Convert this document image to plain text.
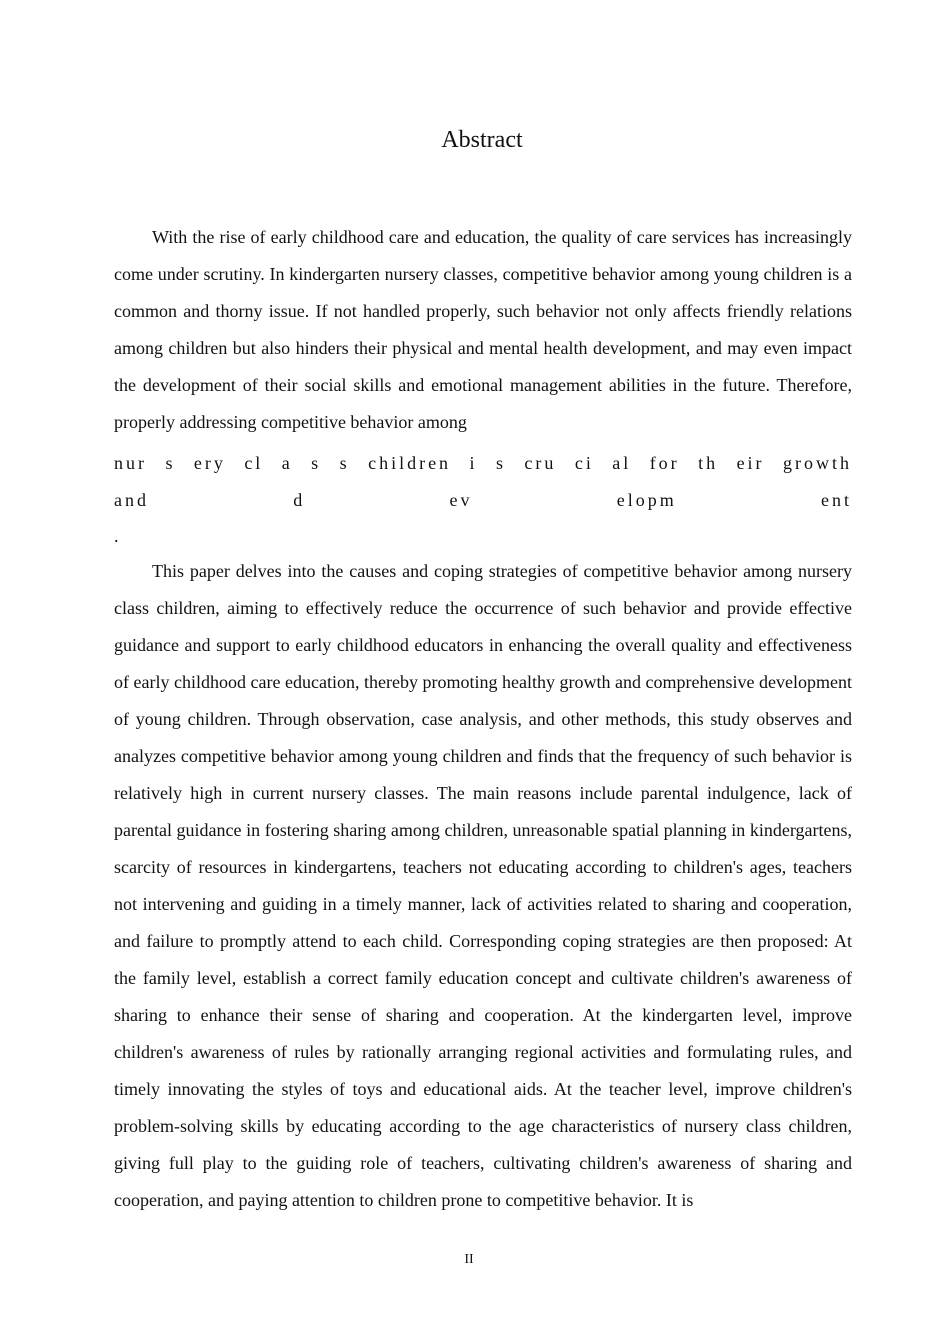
Abstract

With the rise of early childhood care and education, the quality of care services has increasingly come under scrutiny. In kindergarten nursery classes, competitive behavior among young children is a common and thorny issue. If not handled properly, such behavior not only affects friendly relations among children but also hinders their physical and mental health development, and may even impact the development of their social skills and emotional management abilities in the future. Therefore, properly addressing competitive behavior among

nur s ery cl a s s children i s cru ci al for th eir growth and d ev elopm ent

.

This paper delves into the causes and coping strategies of competitive behavior among nursery class children, aiming to effectively reduce the occurrence of such behavior and provide effective guidance and support to early childhood educators in enhancing the overall quality and effectiveness of early childhood care education, thereby promoting healthy growth and comprehensive development of young children. Through observation, case analysis, and other methods, this study observes and analyzes competitive behavior among young children and finds that the frequency of such behavior is relatively high in current nursery classes. The main reasons include parental indulgence, lack of parental guidance in fostering sharing among children, unreasonable spatial planning in kindergartens, scarcity of resources in kindergartens, teachers not educating according to children's ages, teachers not intervening and guiding in a timely manner, lack of activities related to sharing and cooperation, and failure to promptly attend to each child. Corresponding coping strategies are then proposed: At the family level, establish a correct family education concept and cultivate children's awareness of sharing to enhance their sense of sharing and cooperation. At the kindergarten level, improve children's awareness of rules by rationally arranging regional activities and formulating rules, and timely innovating the styles of toys and educational aids. At the teacher level, improve children's problem-solving skills by educating according to the age characteristics of nursery class children, giving full play to the guiding role of teachers, cultivating children's awareness of sharing and cooperation, and paying attention to children prone to competitive behavior. It is

II
